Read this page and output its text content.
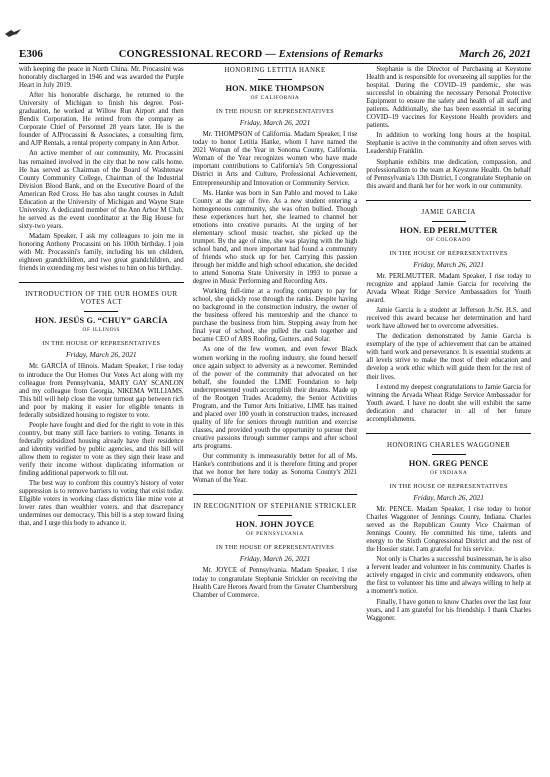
E306	CONGRESSIONAL RECORD — Extensions of Remarks	March 26, 2021

with keeping the peace in North China. Mr. Procassini was honorably discharged in 1946 and was awarded the Purple Heart in July 2019.

After his honorable discharge, he returned to the University of Michigan to finish his degree. Post-graduation, he worked at Willow Run Airport and then Bendix Corporation. He retired from the company as Corporate Chief of Personnel 28 years later. He is the founder of AJProcassini & Associates, a consulting firm, and AJP Rentals, a rental property company in Ann Arbor.

An active member of our community, Mr. Procassini has remained involved in the city that he now calls home. He has served as Chairman of the Board of Washtenaw County Community College, Chairman of the Industrial Division Blood Bank, and on the Executive Board of the American Red Cross. He has also taught courses in Adult Education at the University of Michigan and Wayne State University. A dedicated member of the Ann Arbor M Club, he served as the event coordinator at the Big House for sixty-two years.

Madam Speaker, I ask my colleagues to join me in honoring Anthony Procassini on his 100th birthday. I join with Mr. Procassini's family, including his ten children, eighteen grandchildren, and two great grandchildren, and friends in extending my best wishes to him on his birthday.

INTRODUCTION OF THE OUR HOMES OUR VOTES ACT

HON. JESÚS G. “CHUY” GARCÍA
OF ILLINOIS
IN THE HOUSE OF REPRESENTATIVES
Friday, March 26, 2021

Mr. GARCÍA of Illinois. Madam Speaker, I rise today to introduce the Our Homes Our Votes Act along with my colleague from Pennsylvania, MARY GAY SCANLON and my colleague from Georgia, NIKEMA WILLIAMS. This bill will help close the voter turnout gap between rich and poor by making it easier for eligible tenants in federally subsidized housing to register to vote.

People have fought and died for the right to vote in this country, but many still face barriers to voting. Tenants in federally subsidized housing already have their residence and identity verified by public agencies, and this bill will allow them to register to vote as they sign their lease and verify their income without duplicating information or finding additional paperwork to fill out.

The best way to confront this country's history of voter suppression is to remove barriers to voting that exist today. Eligible voters in working class districts like mine vote at lower rates than wealthier voters, and that discrepancy undermines our democracy. This bill is a step toward fixing that, and I urge this body to advance it.

HONORING LETITIA HANKE

HON. MIKE THOMPSON
OF CALIFORNIA
IN THE HOUSE OF REPRESENTATIVES
Friday, March 26, 2021

Mr. THOMPSON of California. Madam Speaker, I rise today to honor Letitia Hanke, whom I have named the 2021 Woman of the Year in Sonoma County, California. Woman of the Year recognizes women who have made important contributions to California's 5th Congressional District in Arts and Culture, Professional Achievement, Entrepreneurship and Innovation or Community Service.

Ms. Hanke was born in San Pablo and moved to Lake County at the age of five. As a new student entering a homogeneous community, she was often bullied. Though these experiences hurt her, she learned to channel her emotions into creative pursuits. At the urging of her elementary school music teacher, she picked up the trumpet. By the age of nine, she was playing with the high school band, and more important had found a community of friends who stuck up for her. Carrying this passion through her middle and high school education, she decided to attend Sonoma State University in 1993 to pursue a degree in Music Performing and Recording Arts.

Working full-time at a roofing company to pay for school, she quickly rose through the ranks. Despite having no background in the construction industry, the owner of the business offered his mentorship and the chance to purchase the business from him. Stepping away from her final year of school, she pulled the cash together and became CEO of ARS Roofing, Gutters, and Solar.

As one of the few women, and even fewer Black women working in the roofing industry, she found herself once again subject to adversity as a newcomer. Reminded of the power of the community that advocated on her behalf, she founded the LIME Foundation to help underrepresented youth accomplish their dreams. Made up of the Rootgen Trades Academy, the Senior Activities Program, and the Tumor Arts Initiative, LIME has trained and placed over 100 youth in construction trades, increased quality of life for seniors through nutrition and exercise classes, and provided youth the opportunity to pursue their creative passions through summer camps and after school arts programs.

Our community is immeasurably better for all of Ms. Hanke's contributions and it is therefore fitting and proper that we honor her here today as Sonoma County's 2021 Woman of the Year.

IN RECOGNITION OF STEPHANIE STRICKLER

HON. JOHN JOYCE
OF PENNSYLVANIA
IN THE HOUSE OF REPRESENTATIVES
Friday, March 26, 2021

Mr. JOYCE of Pennsylvania. Madam Speaker, I rise today to congratulate Stephanie Strickler on receiving the Health Care Heroes Award from the Greater Chambersburg Chamber of Commerce.

Stephanie is the Director of Purchasing at Keystone Health and is responsible for overseeing all supplies for the hospital. During the COVID–19 pandemic, she was successful in obtaining the necessary Personal Protective Equipment to ensure the safety and health of all staff and patients. Additionally, she has been essential in securing COVID–19 vaccines for Keystone Health providers and patients.

In addition to working long hours at the hospital, Stephanie is active in the community and often serves with Leadership Franklin.

Stephanie exhibits true dedication, compassion, and professionalism to the team at Keystone Health. On behalf of Pennsylvania's 13th District, I congratulate Stephanie on this award and thank her for her work in our community.

JAMIE GARCIA

HON. ED PERLMUTTER
OF COLORADO
IN THE HOUSE OF REPRESENTATIVES
Friday, March 26, 2021

Mr. PERLMUTTER. Madam Speaker, I rise today to recognize and applaud Jamie Garcia for receiving the Arvada Wheat Ridge Service Ambassadors for Youth award.

Jamie Garcia is a student at Jefferson Jr./Sr. H.S. and received this award because her determination and hard work have allowed her to overcome adversities.

The dedication demonstrated by Jamie Garcia is exemplary of the type of achievement that can be attained with hard work and perseverance. It is essential students at all levels strive to make the most of their education and develop a work ethic which will guide them for the rest of their lives.

I extend my deepest congratulations to Jamie Garcia for winning the Arvada Wheat Ridge Service Ambassador for Youth award. I have no doubt she will exhibit the same dedication and character in all of her future accomplishments.

HONORING CHARLES WAGGONER

HON. GREG PENCE
OF INDIANA
IN THE HOUSE OF REPRESENTATIVES
Friday, March 26, 2021

Mr. PENCE. Madam Speaker, I rise today to honor Charles Waggoner of Jennings County, Indiana. Charles served as the Republican County Vice Chairman of Jennings County. He committed his time, talents and energy to the Sixth Congressional District and the rest of the Hoosier state. I am grateful for his service.

Not only is Charles a successful businessman, he is also a fervent leader and volunteer in his community. Charles is actively engaged in civic and community endeavors, often the first to volunteer his time and always willing to help at a moment's notice.

Finally, I have gotten to know Charles over the last four years, and I am grateful for his friendship. I thank Charles Waggoner.
